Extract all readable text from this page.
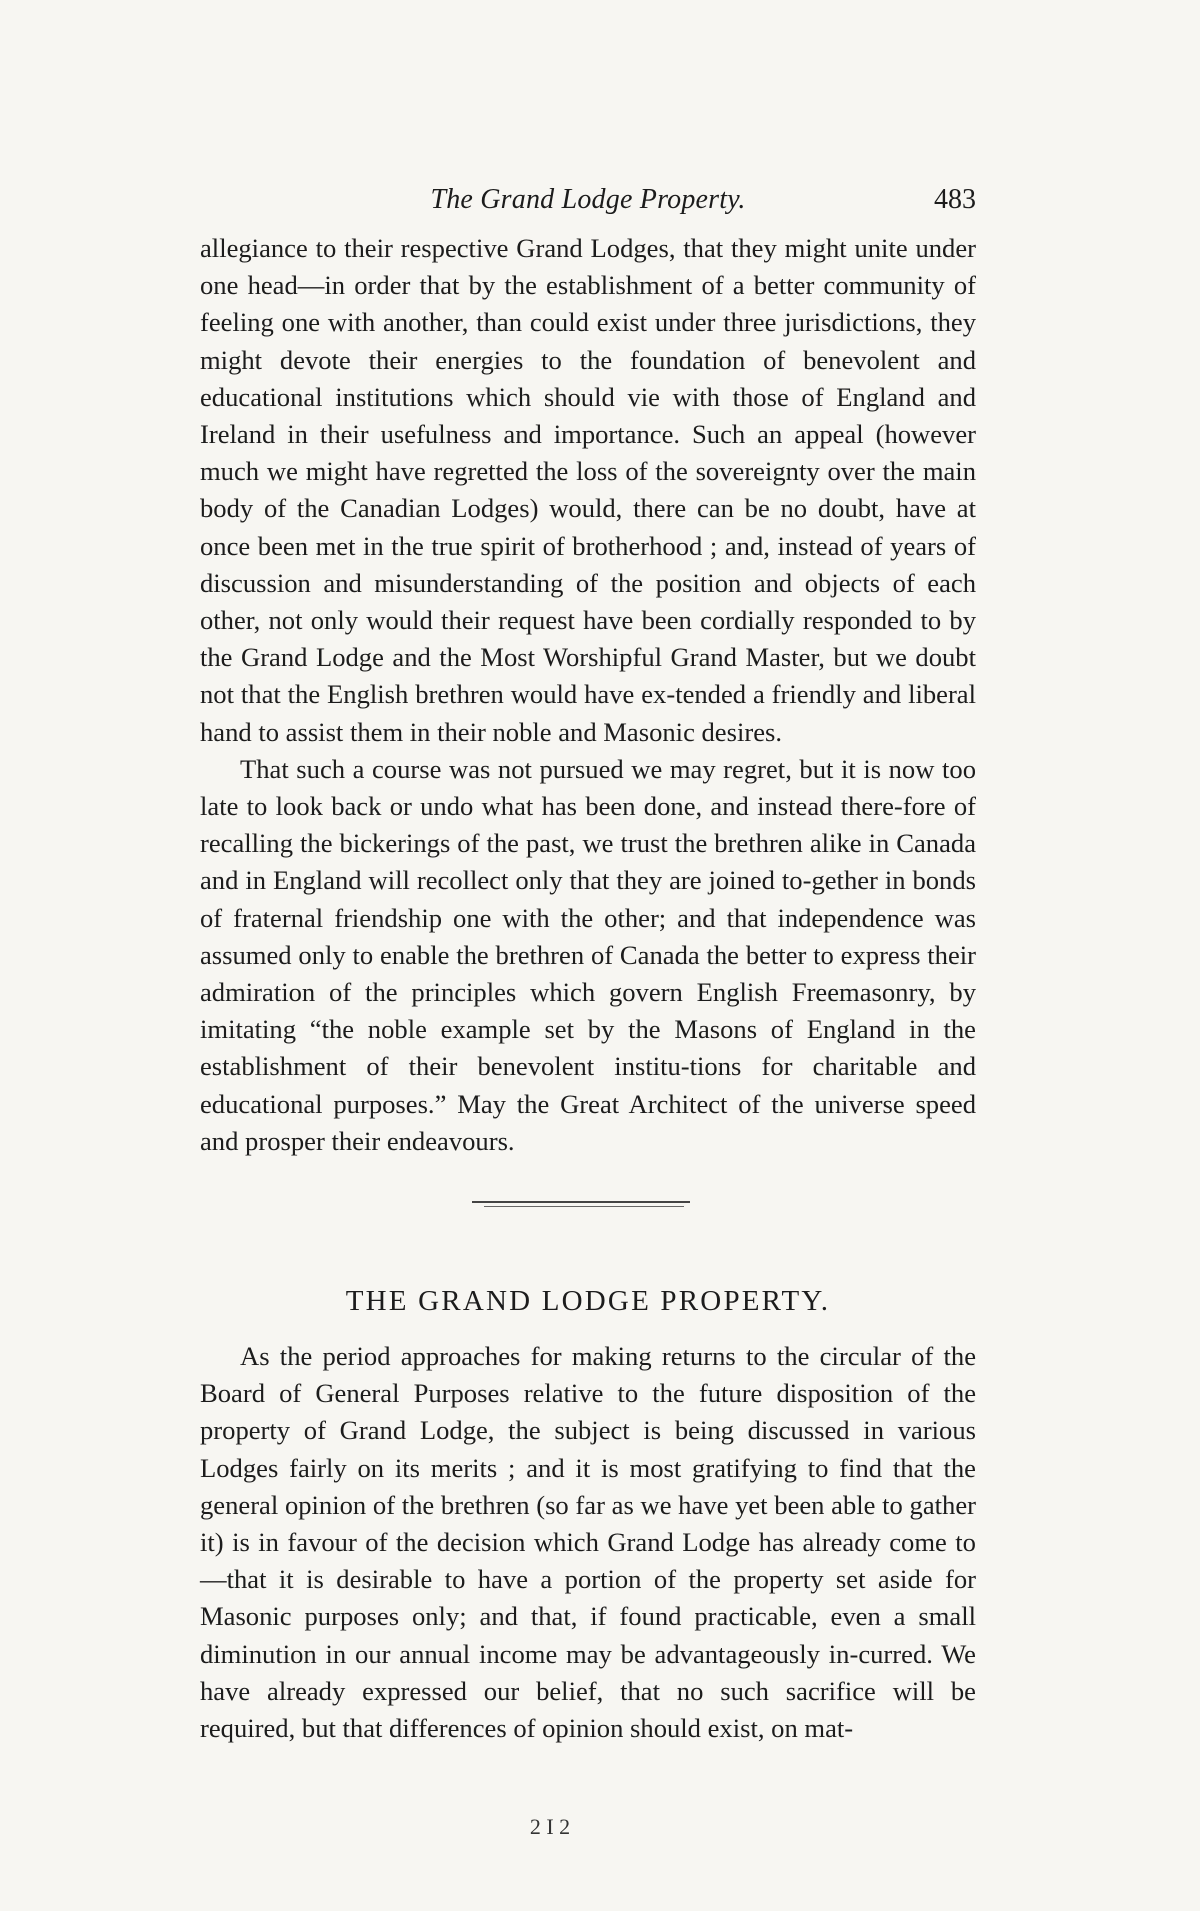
The Grand Lodge Property.	483

allegiance to their respective Grand Lodges, that they might unite under one head—in order that by the establishment of a better community of feeling one with another, than could exist under three jurisdictions, they might devote their energies to the foundation of benevolent and educational institutions which should vie with those of England and Ireland in their usefulness and importance. Such an appeal (however much we might have regretted the loss of the sovereignty over the main body of the Canadian Lodges) would, there can be no doubt, have at once been met in the true spirit of brotherhood ; and, instead of years of discussion and misunderstanding of the position and objects of each other, not only would their request have been cordially responded to by the Grand Lodge and the Most Worshipful Grand Master, but we doubt not that the English brethren would have ex-tended a friendly and liberal hand to assist them in their noble and Masonic desires.

That such a course was not pursued we may regret, but it is now too late to look back or undo what has been done, and instead there-fore of recalling the bickerings of the past, we trust the brethren alike in Canada and in England will recollect only that they are joined to-gether in bonds of fraternal friendship one with the other; and that independence was assumed only to enable the brethren of Canada the better to express their admiration of the principles which govern English Freemasonry, by imitating “the noble example set by the Masons of England in the establishment of their benevolent institu-tions for charitable and educational purposes.” May the Great Architect of the universe speed and prosper their endeavours.

THE GRAND LODGE PROPERTY.

As the period approaches for making returns to the circular of the Board of General Purposes relative to the future disposition of the property of Grand Lodge, the subject is being discussed in various Lodges fairly on its merits ; and it is most gratifying to find that the general opinion of the brethren (so far as we have yet been able to gather it) is in favour of the decision which Grand Lodge has already come to—that it is desirable to have a portion of the property set aside for Masonic purposes only; and that, if found practicable, even a small diminution in our annual income may be advantageously in-curred. We have already expressed our belief, that no such sacrifice will be required, but that differences of opinion should exist, on mat-

2 I 2
